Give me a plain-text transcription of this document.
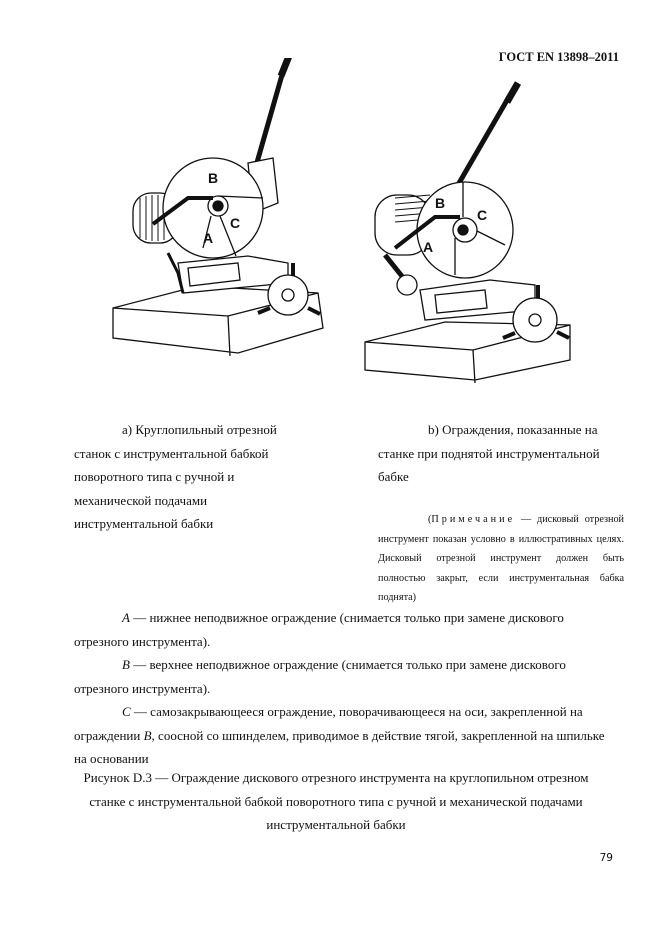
ГОСТ EN 13898–2011
B
C
A
B
C
A
а) Круглопильный отрезной
станок с инструментальной бабкой
поворотного типа с ручной и
механической подачами
инструментальной бабки
b) Ограждения, показанные на
станке при поднятой инструментальной
бабке
(Примечание — дисковый отрезной инструмент показан условно в иллюстративных целях. Дисковый отрезной инструмент должен быть полностью закрыт, если инструментальная бабка поднята)

A — нижнее неподвижное ограждение (снимается только при замене дискового

отрезного инструмента).

B — верхнее неподвижное ограждение (снимается только при замене дискового

отрезного инструмента).

C — самозакрывающееся ограждение, поворачивающееся на оси, закрепленной на

ограждении B, соосной со шпинделем, приводимое в действие тягой, закрепленной на шпильке

на основании

Рисунок D.3 — Ограждение дискового отрезного инструмента на круглопильном отрезном
станке с инструментальной бабкой поворотного типа с ручной и механической подачами
инструментальной бабки
79
